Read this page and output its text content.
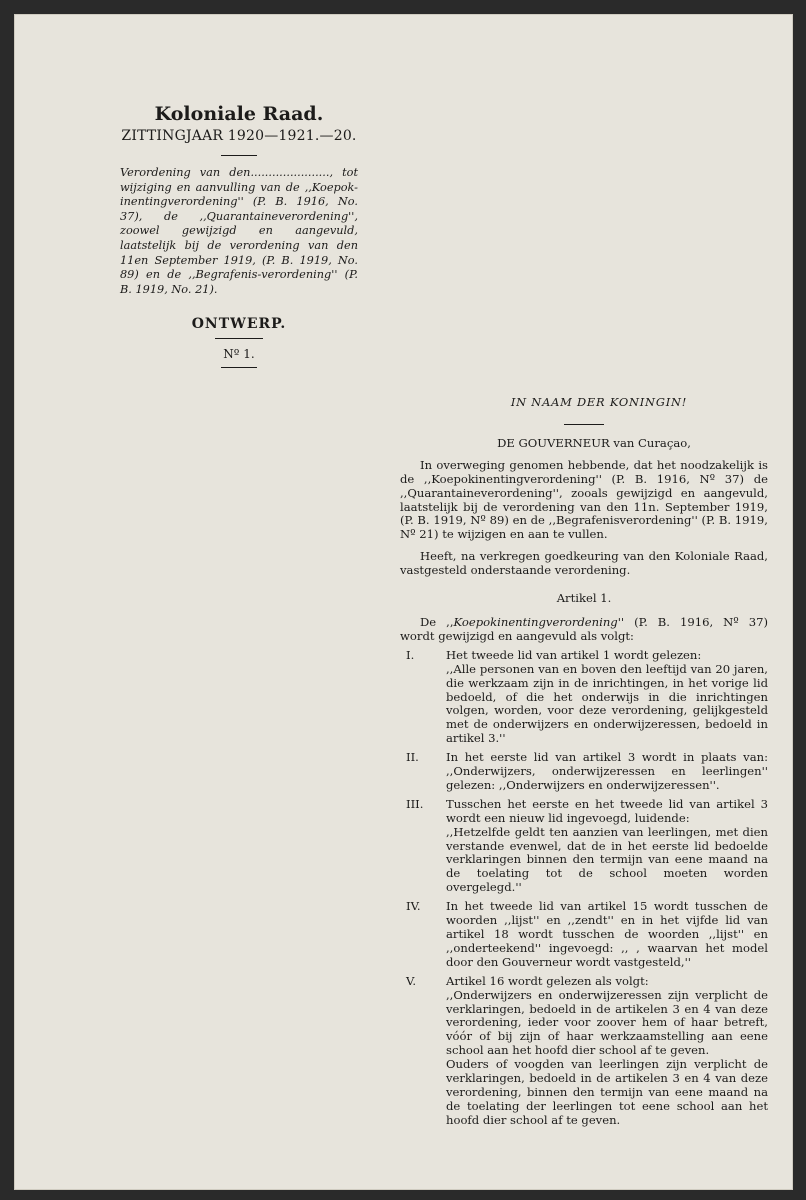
Koloniale Raad.
ZITTINGJAAR 1920—1921.—20.
Verordening van den......................, tot wijziging en aanvulling van de ,,Koepok-inentingverordening'' (P. B. 1916, No. 37), de ,,Quarantaineverordening'', zoowel gewijzigd en aangevuld, laatstelijk bij de verordening van den 11en September 1919, (P. B. 1919, No. 89) en de ,,Begrafenis-verordening'' (P. B. 1919, No. 21).
ONTWERP.
Nº 1.
IN NAAM DER KONINGIN!
DE GOUVERNEUR van Curaçao,

In overweging genomen hebbende, dat het noodzakelijk is de ,,Koepokinentingverordening'' (P. B. 1916, Nº 37) de ,,Quarantaineverordening'', zooals gewijzigd en aangevuld, laatstelijk bij de verordening van den 11n. September 1919, (P. B. 1919, Nº 89) en de ,,Begrafenisverordening'' (P. B. 1919, Nº 21) te wijzigen en aan te vullen.

Heeft, na verkregen goedkeuring van den Koloniale Raad, vastgesteld onderstaande verordening.

Artikel 1.

De ,,Koepokinentingverordening'' (P. B. 1916, Nº 37) wordt gewijzigd en aangevuld als volgt:

I.	Het tweede lid van artikel 1 wordt gelezen:
,,Alle personen van en boven den leeftijd van 20 jaren, die werkzaam zijn in de inrichtingen, in het vorige lid bedoeld, of die het onderwijs in die inrichtingen volgen, worden, voor deze verordening, gelijkgesteld met de onderwijzers en onderwijzeressen, bedoeld in artikel 3.''
II.	In het eerste lid van artikel 3 wordt in plaats van: ,,Onderwijzers, onderwijzeressen en leerlingen'' gelezen: ,,Onderwijzers en onderwijzeressen''.
III.	Tusschen het eerste en het tweede lid van artikel 3 wordt een nieuw lid ingevoegd, luidende:
,,Hetzelfde geldt ten aanzien van leerlingen, met dien verstande evenwel, dat de in het eerste lid bedoelde verklaringen binnen den termijn van eene maand na de toelating tot de school moeten worden overgelegd.''
IV.	In het tweede lid van artikel 15 wordt tusschen de woorden ,,lijst'' en ,,zendt'' en in het vijfde lid van artikel 18 wordt tusschen de woorden ,,lijst'' en ,,onderteekend'' ingevoegd: ,, , waarvan het model door den Gouverneur wordt vastgesteld,''
V.	Artikel 16 wordt gelezen als volgt:
,,Onderwijzers en onderwijzeressen zijn verplicht de verklaringen, bedoeld in de artikelen 3 en 4 van deze verordening, ieder voor zoover hem of haar betreft, vóór of bij zijn of haar werkzaamstelling aan eene school aan het hoofd dier school af te geven.
Ouders of voogden van leerlingen zijn verplicht de verklaringen, bedoeld in de artikelen 3 en 4 van deze verordening, binnen den termijn van eene maand na de toelating der leerlingen tot eene school aan het hoofd dier school af te geven.
